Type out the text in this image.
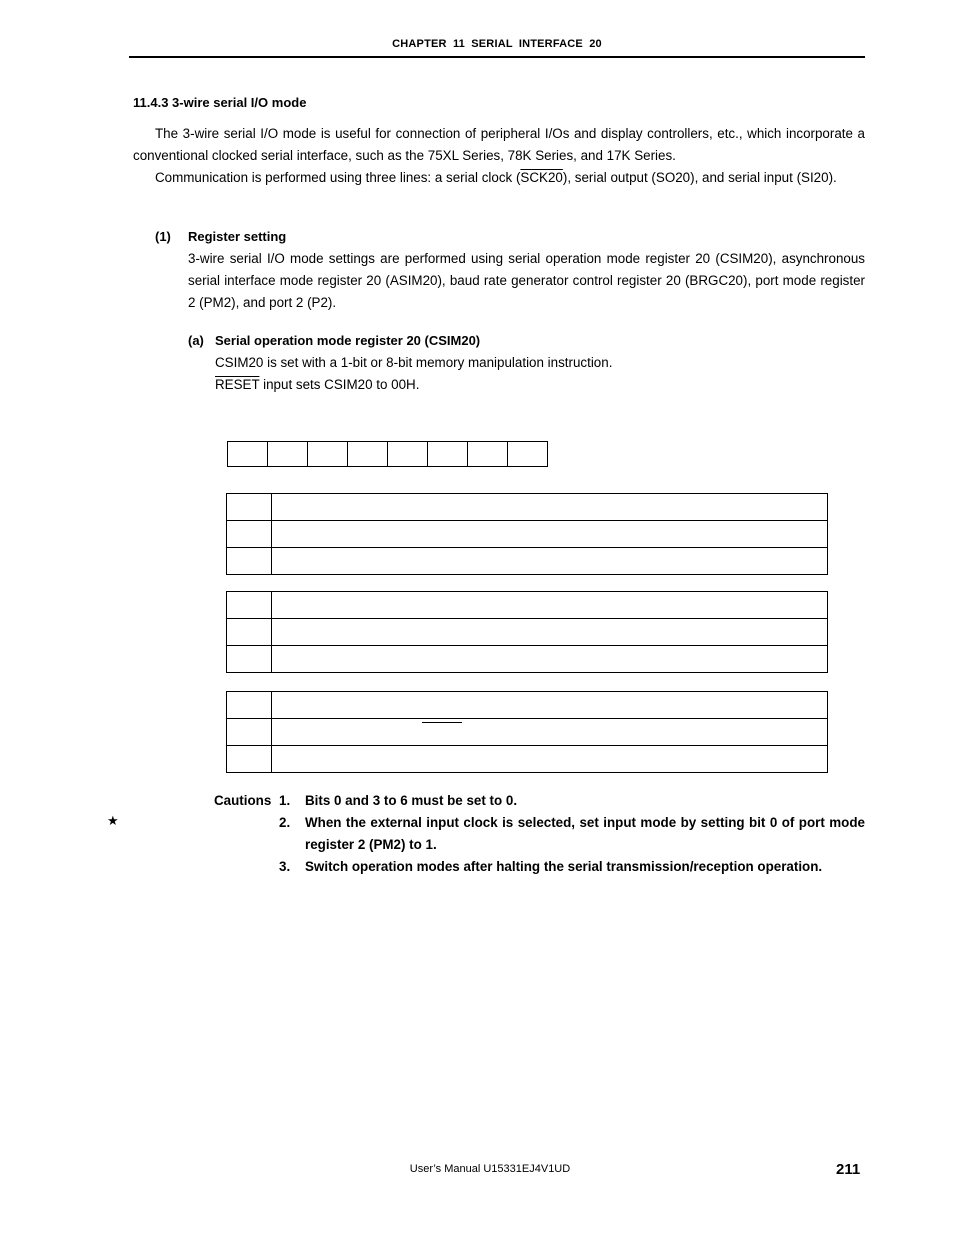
CHAPTER 11 SERIAL INTERFACE 20
11.4.3 3-wire serial I/O mode
The 3-wire serial I/O mode is useful for connection of peripheral I/Os and display controllers, etc., which incorporate a conventional clocked serial interface, such as the 75XL Series, 78K Series, and 17K Series.
Communication is performed using three lines: a serial clock (SCK20), serial output (SO20), and serial input (SI20).
(1) Register setting
3-wire serial I/O mode settings are performed using serial operation mode register 20 (CSIM20), asynchronous serial interface mode register 20 (ASIM20), baud rate generator control register 20 (BRGC20), port mode register 2 (PM2), and port 2 (P2).
(a) Serial operation mode register 20 (CSIM20)
CSIM20 is set with a 1-bit or 8-bit memory manipulation instruction.
RESET input sets CSIM20 to 00H.
Cautions 1. Bits 0 and 3 to 6 must be set to 0.
★	2. When the external input clock is selected, set input mode by setting bit 0 of port mode register 2 (PM2) to 1.
3. Switch operation modes after halting the serial transmission/reception operation.
User’s Manual U15331EJ4V1UD	211
